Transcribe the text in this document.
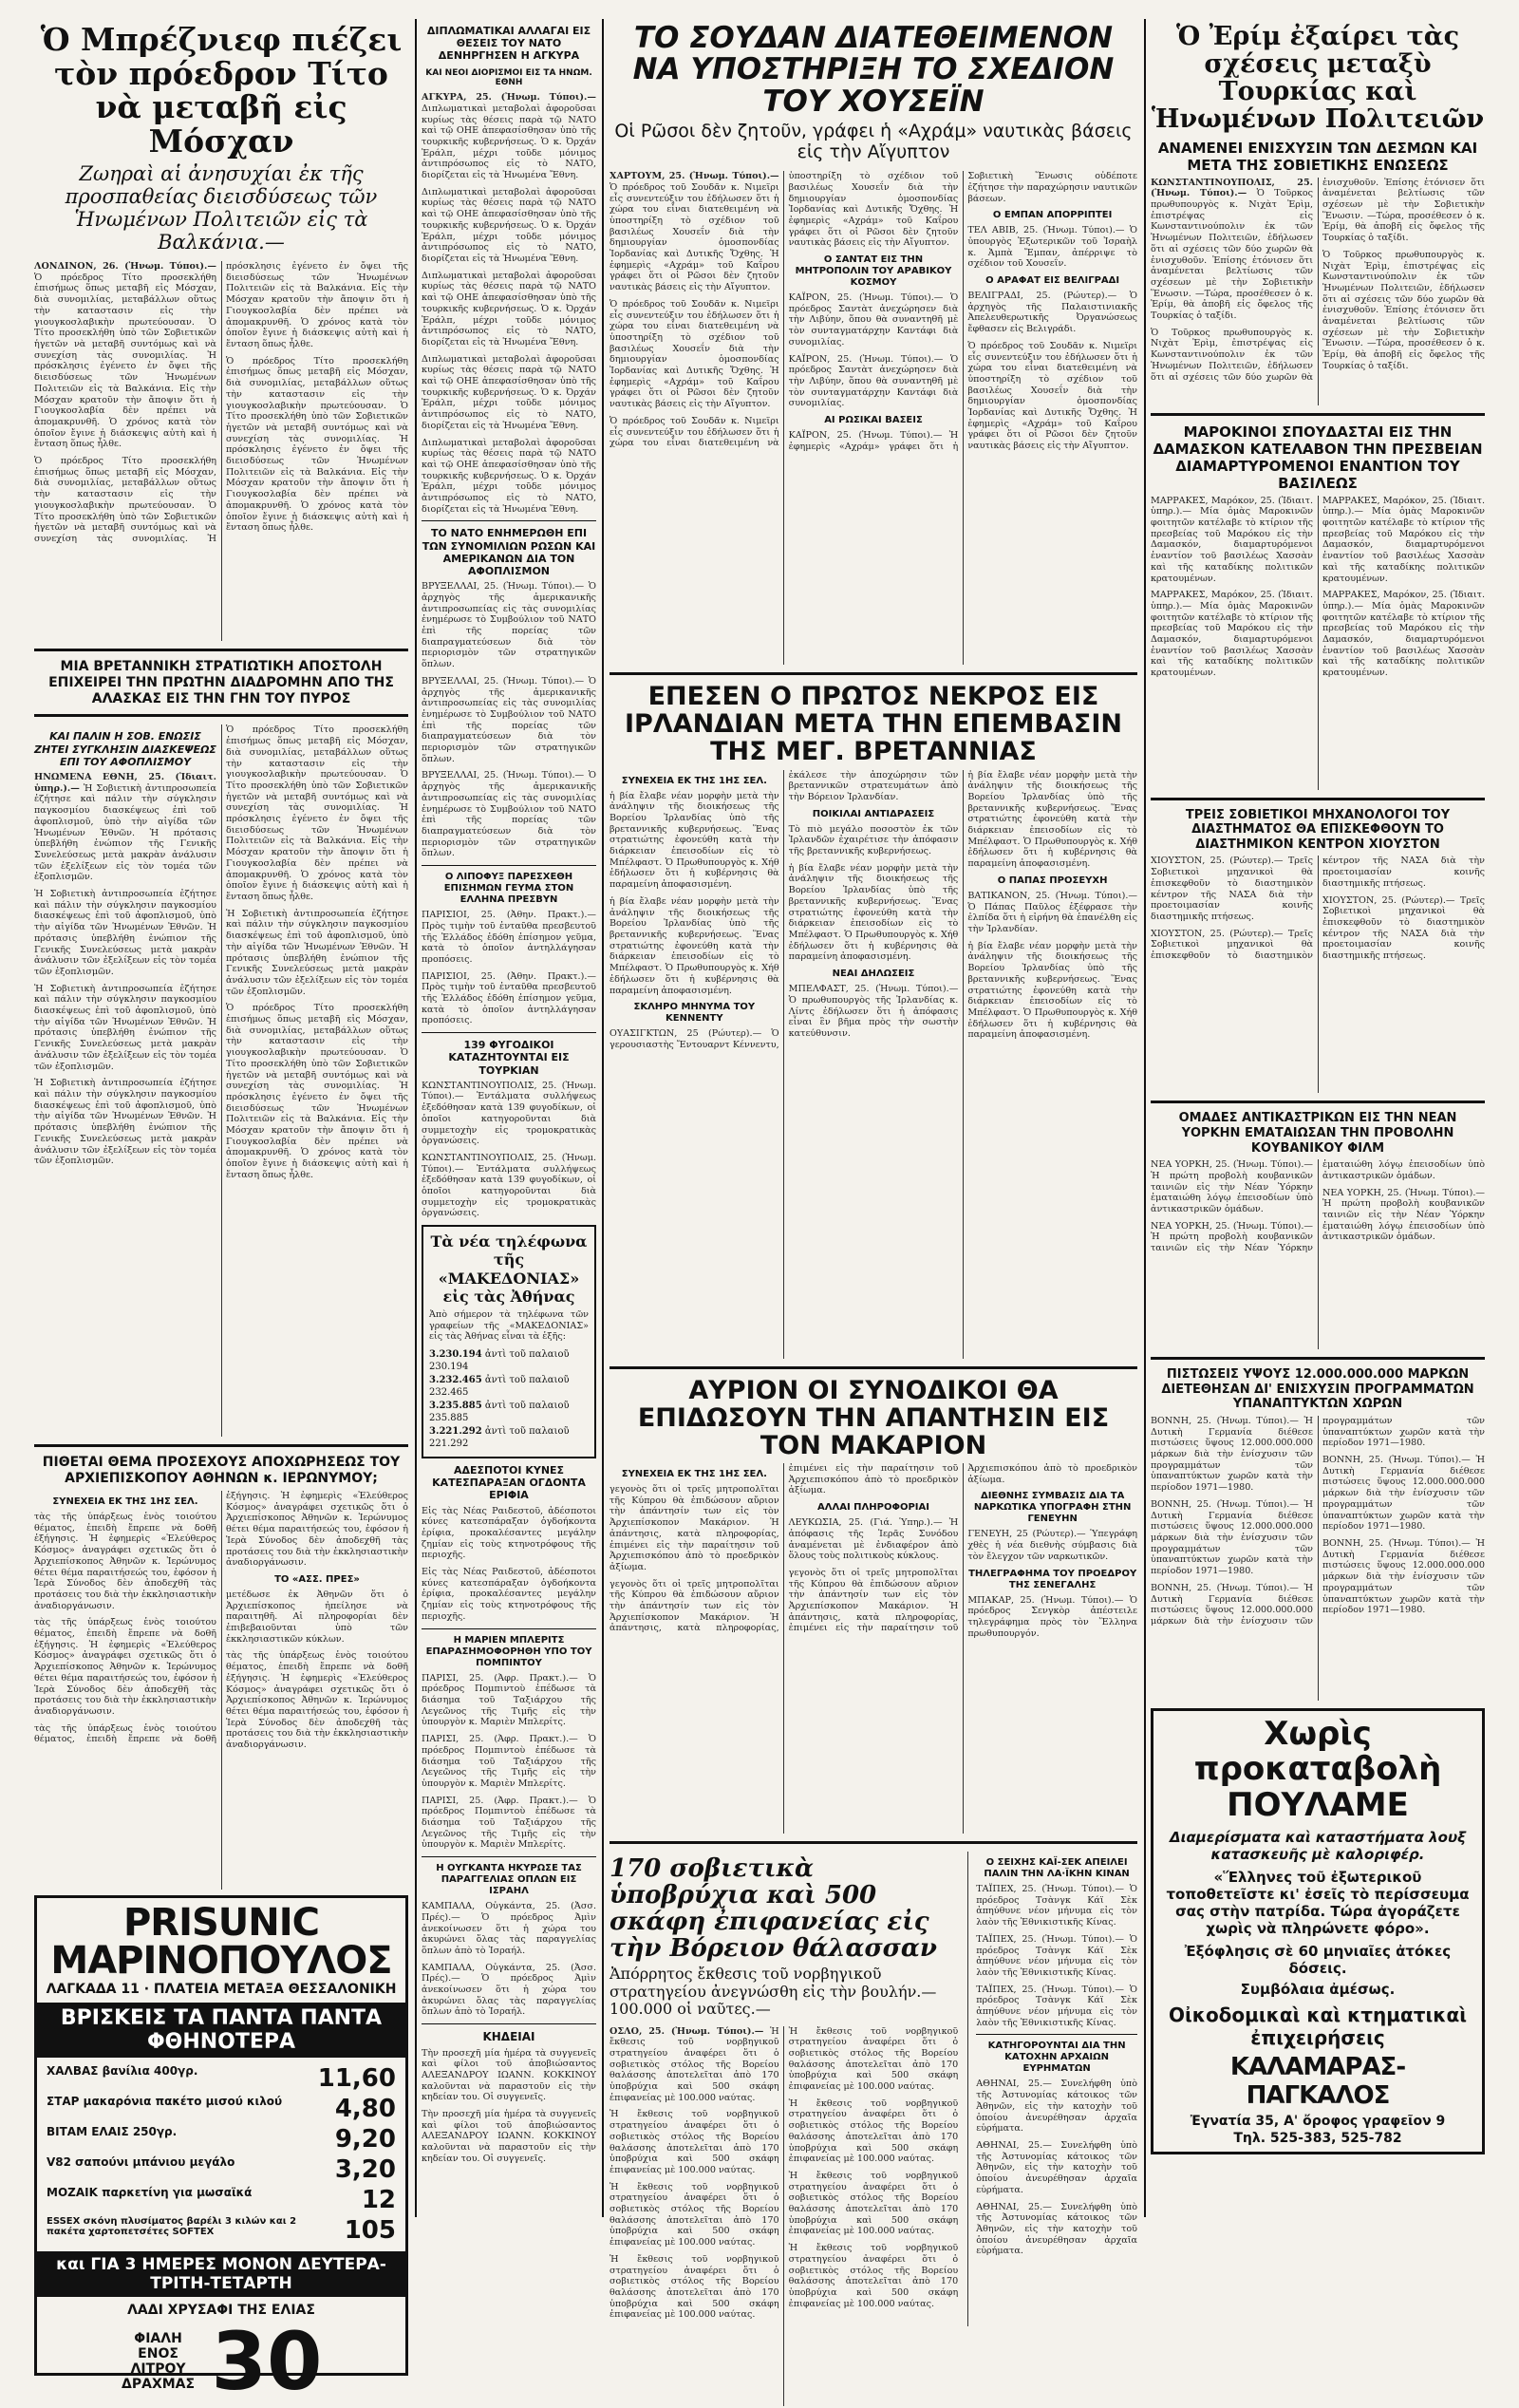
Ὁ Μπρέζνιεφ πιέζει τὸν πρόεδρον Τίτο νὰ μεταβῆ εἰς Μόσχαν
Ζωηραὶ αἱ ἀνησυχίαι ἐκ τῆς προσπαθείας διεισδύσεως τῶν Ἡνωμένων Πολιτειῶν εἰς τὰ Βαλκάνια.—

ΛΟΝΔΙΝΟΝ, 26. (Ἠνωμ. Τύποι).— Ὁ πρόεδρος Τίτο προσεκλήθη ἐπισήμως ὅπως μεταβῆ εἰς Μόσχαν, διὰ συνομιλίας, μεταβάλλων οὕτως τὴν καταστασιν εἰς τὴν γιουγκοσλαβικὴν πρωτεύουσαν. Ὁ Τίτο προσεκλήθη ὑπὸ τῶν Σοβιετικῶν ἡγετῶν νὰ μεταβῆ συντόμως καὶ νὰ συνεχίση τὰς συνομιλίας. Ἡ πρόσκλησις ἐγένετο ἐν ὄψει τῆς διεισδύσεως τῶν Ἡνωμένων Πολιτειῶν εἰς τὰ Βαλκάνια. Εἰς τὴν Μόσχαν κρατοῦν τὴν ἄποψιν ὅτι ἡ Γιουγκοσλαβία δὲν πρέπει νὰ ἀπομακρυνθῆ. Ὁ χρόνος κατὰ τὸν ὁποῖον ἔγινε ἡ διάσκεψις αὐτὴ καὶ ἡ ἔνταση ὅπως ἦλθε.

Ὁ πρόεδρος Τίτο προσεκλήθη ἐπισήμως ὅπως μεταβῆ εἰς Μόσχαν, διὰ συνομιλίας, μεταβάλλων οὕτως τὴν καταστασιν εἰς τὴν γιουγκοσλαβικὴν πρωτεύουσαν. Ὁ Τίτο προσεκλήθη ὑπὸ τῶν Σοβιετικῶν ἡγετῶν νὰ μεταβῆ συντόμως καὶ νὰ συνεχίση τὰς συνομιλίας. Ἡ πρόσκλησις ἐγένετο ἐν ὄψει τῆς διεισδύσεως τῶν Ἡνωμένων Πολιτειῶν εἰς τὰ Βαλκάνια. Εἰς τὴν Μόσχαν κρατοῦν τὴν ἄποψιν ὅτι ἡ Γιουγκοσλαβία δὲν πρέπει νὰ ἀπομακρυνθῆ. Ὁ χρόνος κατὰ τὸν ὁποῖον ἔγινε ἡ διάσκεψις αὐτὴ καὶ ἡ ἔνταση ὅπως ἦλθε.

Ὁ πρόεδρος Τίτο προσεκλήθη ἐπισήμως ὅπως μεταβῆ εἰς Μόσχαν, διὰ συνομιλίας, μεταβάλλων οὕτως τὴν καταστασιν εἰς τὴν γιουγκοσλαβικὴν πρωτεύουσαν. Ὁ Τίτο προσεκλήθη ὑπὸ τῶν Σοβιετικῶν ἡγετῶν νὰ μεταβῆ συντόμως καὶ νὰ συνεχίση τὰς συνομιλίας. Ἡ πρόσκλησις ἐγένετο ἐν ὄψει τῆς διεισδύσεως τῶν Ἡνωμένων Πολιτειῶν εἰς τὰ Βαλκάνια. Εἰς τὴν Μόσχαν κρατοῦν τὴν ἄποψιν ὅτι ἡ Γιουγκοσλαβία δὲν πρέπει νὰ ἀπομακρυνθῆ. Ὁ χρόνος κατὰ τὸν ὁποῖον ἔγινε ἡ διάσκεψις αὐτὴ καὶ ἡ ἔνταση ὅπως ἦλθε.

ΜΙΑ ΒΡΕΤΑΝΝΙΚΗ ΣΤΡΑΤΙΩΤΙΚΗ ΑΠΟΣΤΟΛΗ ΕΠΙΧΕΙΡΕΙ ΤΗΝ ΠΡΩΤΗΝ ΔΙΑΔΡΟΜΗΝ ΑΠΟ ΤΗΣ ΑΛΑΣΚΑΣ ΕΙΣ ΤΗΝ ΓΗΝ ΤΟΥ ΠΥΡΟΣ
ΚΑΙ ΠΑΛΙΝ Η ΣΟΒ. ΕΝΩΣΙΣ ΖΗΤΕΙ ΣΥΓΚΛΗΣΙΝ ΔΙΑΣΚΕΨΕΩΣ ΕΠΙ ΤΟΥ ΑΦΟΠΛΙΣΜΟΥ

ΗΝΩΜΕΝΑ ΕΘΝΗ, 25. (Ἰδιαιτ. ὑπηρ.).— Ἡ Σοβιετικὴ ἀντιπροσωπεία ἐζήτησε καὶ πάλιν τὴν σύγκλησιν παγκοσμίου διασκέψεως ἐπὶ τοῦ ἀφοπλισμοῦ, ὑπὸ τὴν αἰγίδα τῶν Ἡνωμένων Ἐθνῶν. Ἡ πρότασις ὑπεβλήθη ἐνώπιον τῆς Γενικῆς Συνελεύσεως μετὰ μακρὰν ἀνάλυσιν τῶν ἐξελίξεων εἰς τὸν τομέα τῶν ἐξοπλισμῶν.

Ἡ Σοβιετικὴ ἀντιπροσωπεία ἐζήτησε καὶ πάλιν τὴν σύγκλησιν παγκοσμίου διασκέψεως ἐπὶ τοῦ ἀφοπλισμοῦ, ὑπὸ τὴν αἰγίδα τῶν Ἡνωμένων Ἐθνῶν. Ἡ πρότασις ὑπεβλήθη ἐνώπιον τῆς Γενικῆς Συνελεύσεως μετὰ μακρὰν ἀνάλυσιν τῶν ἐξελίξεων εἰς τὸν τομέα τῶν ἐξοπλισμῶν.

Ἡ Σοβιετικὴ ἀντιπροσωπεία ἐζήτησε καὶ πάλιν τὴν σύγκλησιν παγκοσμίου διασκέψεως ἐπὶ τοῦ ἀφοπλισμοῦ, ὑπὸ τὴν αἰγίδα τῶν Ἡνωμένων Ἐθνῶν. Ἡ πρότασις ὑπεβλήθη ἐνώπιον τῆς Γενικῆς Συνελεύσεως μετὰ μακρὰν ἀνάλυσιν τῶν ἐξελίξεων εἰς τὸν τομέα τῶν ἐξοπλισμῶν.

Ἡ Σοβιετικὴ ἀντιπροσωπεία ἐζήτησε καὶ πάλιν τὴν σύγκλησιν παγκοσμίου διασκέψεως ἐπὶ τοῦ ἀφοπλισμοῦ, ὑπὸ τὴν αἰγίδα τῶν Ἡνωμένων Ἐθνῶν. Ἡ πρότασις ὑπεβλήθη ἐνώπιον τῆς Γενικῆς Συνελεύσεως μετὰ μακρὰν ἀνάλυσιν τῶν ἐξελίξεων εἰς τὸν τομέα τῶν ἐξοπλισμῶν.

Ὁ πρόεδρος Τίτο προσεκλήθη ἐπισήμως ὅπως μεταβῆ εἰς Μόσχαν, διὰ συνομιλίας, μεταβάλλων οὕτως τὴν καταστασιν εἰς τὴν γιουγκοσλαβικὴν πρωτεύουσαν. Ὁ Τίτο προσεκλήθη ὑπὸ τῶν Σοβιετικῶν ἡγετῶν νὰ μεταβῆ συντόμως καὶ νὰ συνεχίση τὰς συνομιλίας. Ἡ πρόσκλησις ἐγένετο ἐν ὄψει τῆς διεισδύσεως τῶν Ἡνωμένων Πολιτειῶν εἰς τὰ Βαλκάνια. Εἰς τὴν Μόσχαν κρατοῦν τὴν ἄποψιν ὅτι ἡ Γιουγκοσλαβία δὲν πρέπει νὰ ἀπομακρυνθῆ. Ὁ χρόνος κατὰ τὸν ὁποῖον ἔγινε ἡ διάσκεψις αὐτὴ καὶ ἡ ἔνταση ὅπως ἦλθε.

Ἡ Σοβιετικὴ ἀντιπροσωπεία ἐζήτησε καὶ πάλιν τὴν σύγκλησιν παγκοσμίου διασκέψεως ἐπὶ τοῦ ἀφοπλισμοῦ, ὑπὸ τὴν αἰγίδα τῶν Ἡνωμένων Ἐθνῶν. Ἡ πρότασις ὑπεβλήθη ἐνώπιον τῆς Γενικῆς Συνελεύσεως μετὰ μακρὰν ἀνάλυσιν τῶν ἐξελίξεων εἰς τὸν τομέα τῶν ἐξοπλισμῶν.

Ὁ πρόεδρος Τίτο προσεκλήθη ἐπισήμως ὅπως μεταβῆ εἰς Μόσχαν, διὰ συνομιλίας, μεταβάλλων οὕτως τὴν καταστασιν εἰς τὴν γιουγκοσλαβικὴν πρωτεύουσαν. Ὁ Τίτο προσεκλήθη ὑπὸ τῶν Σοβιετικῶν ἡγετῶν νὰ μεταβῆ συντόμως καὶ νὰ συνεχίση τὰς συνομιλίας. Ἡ πρόσκλησις ἐγένετο ἐν ὄψει τῆς διεισδύσεως τῶν Ἡνωμένων Πολιτειῶν εἰς τὰ Βαλκάνια. Εἰς τὴν Μόσχαν κρατοῦν τὴν ἄποψιν ὅτι ἡ Γιουγκοσλαβία δὲν πρέπει νὰ ἀπομακρυνθῆ. Ὁ χρόνος κατὰ τὸν ὁποῖον ἔγινε ἡ διάσκεψις αὐτὴ καὶ ἡ ἔνταση ὅπως ἦλθε.

ΠΙΘΕΤΑΙ ΘΕΜΑ ΠΡΟΣΕΧΟΥΣ ΑΠΟΧΩΡΗΣΕΩΣ ΤΟΥ ΑΡΧΙΕΠΙΣΚΟΠΟΥ ΑΘΗΝΩΝ κ. ΙΕΡΩΝΥΜΟΥ;
ΣΥΝΕΧΕΙΑ ΕΚ ΤΗΣ 1ΗΣ ΣΕΛ.

τὰς τῆς ὑπάρξεως ἑνὸς τοιούτου θέματος, ἐπειδὴ ἔπρεπε νὰ δοθῆ ἐξήγησις. Ἡ ἐφημερὶς «Ἐλεύθερος Κόσμος» ἀναγράφει σχετικῶς ὅτι ὁ Ἀρχιεπίσκοπος Ἀθηνῶν κ. Ἱερώνυμος θέτει θέμα παραιτήσεώς του, ἐφόσον ἡ Ἱερὰ Σύνοδος δὲν ἀποδεχθῆ τὰς προτάσεις του διὰ τὴν ἐκκλησιαστικὴν ἀναδιοργάνωσιν.

τὰς τῆς ὑπάρξεως ἑνὸς τοιούτου θέματος, ἐπειδὴ ἔπρεπε νὰ δοθῆ ἐξήγησις. Ἡ ἐφημερὶς «Ἐλεύθερος Κόσμος» ἀναγράφει σχετικῶς ὅτι ὁ Ἀρχιεπίσκοπος Ἀθηνῶν κ. Ἱερώνυμος θέτει θέμα παραιτήσεώς του, ἐφόσον ἡ Ἱερὰ Σύνοδος δὲν ἀποδεχθῆ τὰς προτάσεις του διὰ τὴν ἐκκλησιαστικὴν ἀναδιοργάνωσιν.

τὰς τῆς ὑπάρξεως ἑνὸς τοιούτου θέματος, ἐπειδὴ ἔπρεπε νὰ δοθῆ ἐξήγησις. Ἡ ἐφημερὶς «Ἐλεύθερος Κόσμος» ἀναγράφει σχετικῶς ὅτι ὁ Ἀρχιεπίσκοπος Ἀθηνῶν κ. Ἱερώνυμος θέτει θέμα παραιτήσεώς του, ἐφόσον ἡ Ἱερὰ Σύνοδος δὲν ἀποδεχθῆ τὰς προτάσεις του διὰ τὴν ἐκκλησιαστικὴν ἀναδιοργάνωσιν.

ΤΟ «ΑΣΣ. ΠΡΕΣ»

μετέδωσε ἐκ Ἀθηνῶν ὅτι ὁ Ἀρχιεπίσκοπος ἠπείλησε νὰ παραιτηθῆ. Αἱ πληροφορίαι δὲν ἐπιβεβαιοῦνται ὑπὸ τῶν ἐκκλησιαστικῶν κύκλων.

τὰς τῆς ὑπάρξεως ἑνὸς τοιούτου θέματος, ἐπειδὴ ἔπρεπε νὰ δοθῆ ἐξήγησις. Ἡ ἐφημερὶς «Ἐλεύθερος Κόσμος» ἀναγράφει σχετικῶς ὅτι ὁ Ἀρχιεπίσκοπος Ἀθηνῶν κ. Ἱερώνυμος θέτει θέμα παραιτήσεώς του, ἐφόσον ἡ Ἱερὰ Σύνοδος δὲν ἀποδεχθῆ τὰς προτάσεις του διὰ τὴν ἐκκλησιαστικὴν ἀναδιοργάνωσιν.

PRISUNIC MAPINOΠΟΥΛΟΣ
ΛΑΓΚΑΔΑ 11 · ΠΛΑΤΕΙΑ ΜΕΤΑΞΑ ΘΕΣΣΑΛΟΝΙΚΗ
ΒΡΙΣΚΕΙΣ ΤΑ ΠΑΝΤΑ ΠΑΝΤΑ ΦΘΗΝΟΤΕΡΑ
ΧΑΛΒΑΣ βανίλια 400γρ.	11,60
ΣΤΑΡ μακαρόνια πακέτο μισού κιλού 4,80
ΒΙΤΑΜ ΕΛΑΙΣ 250γρ.	9,20
V82 σαπούνι μπάνιου μεγάλο	3,20
ΜΟΖΑΙΚ παρκετίνη για μωσαϊκά	12
ESSEX σκόνη πλυσίματος βαρέλι 3 κιλών και 2 πακέτα χαρτοπετσέτες SOFTEX	105
και ΓΙΑ 3 ΗΜΕΡΕΣ ΜΟΝΟΝ ΔΕΥΤΕΡΑ-ΤΡΙΤΗ-ΤΕΤΑΡΤΗ
ΛΑΔΙ ΧΡΥΣΑΦΙ ΤΗΣ ΕΛΙΑΣ
ΦΙΑΛΗ ΕΝΟΣ ΛΙΤΡΟΥ ΔΡΑΧΜΑΣ 30
ΔΙΠΛΩΜΑΤΙΚΑΙ ΑΛΛΑΓΑΙ ΕΙΣ ΘΕΣΕΙΣ ΤΟΥ ΝΑΤΟ ΔΕΝΗΡΓΗΣΕΝ Η ΑΓΚΥΡΑ
ΚΑΙ ΝΕΟΙ ΔΙΟΡΙΣΜΟΙ ΕΙΣ ΤΑ ΗΝΩΜ. ΕΘΝΗ

ΑΓΚΥΡΑ, 25. (Ἠνωμ. Τύποι).— Διπλωματικαὶ μεταβολαὶ ἀφοροῦσαι κυρίως τὰς θέσεις παρὰ τῷ ΝΑΤΟ καὶ τῷ ΟΗΕ ἀπεφασίσθησαν ὑπὸ τῆς τουρκικῆς κυβερνήσεως. Ὁ κ. Ὀρχάν Ἐράλπ, μέχρι τοῦδε μόνιμος ἀντιπρόσωπος εἰς τὸ ΝΑΤΟ, διορίζεται εἰς τὰ Ἡνωμένα Ἔθνη.

Διπλωματικαὶ μεταβολαὶ ἀφοροῦσαι κυρίως τὰς θέσεις παρὰ τῷ ΝΑΤΟ καὶ τῷ ΟΗΕ ἀπεφασίσθησαν ὑπὸ τῆς τουρκικῆς κυβερνήσεως. Ὁ κ. Ὀρχάν Ἐράλπ, μέχρι τοῦδε μόνιμος ἀντιπρόσωπος εἰς τὸ ΝΑΤΟ, διορίζεται εἰς τὰ Ἡνωμένα Ἔθνη.

Διπλωματικαὶ μεταβολαὶ ἀφοροῦσαι κυρίως τὰς θέσεις παρὰ τῷ ΝΑΤΟ καὶ τῷ ΟΗΕ ἀπεφασίσθησαν ὑπὸ τῆς τουρκικῆς κυβερνήσεως. Ὁ κ. Ὀρχάν Ἐράλπ, μέχρι τοῦδε μόνιμος ἀντιπρόσωπος εἰς τὸ ΝΑΤΟ, διορίζεται εἰς τὰ Ἡνωμένα Ἔθνη.

Διπλωματικαὶ μεταβολαὶ ἀφοροῦσαι κυρίως τὰς θέσεις παρὰ τῷ ΝΑΤΟ καὶ τῷ ΟΗΕ ἀπεφασίσθησαν ὑπὸ τῆς τουρκικῆς κυβερνήσεως. Ὁ κ. Ὀρχάν Ἐράλπ, μέχρι τοῦδε μόνιμος ἀντιπρόσωπος εἰς τὸ ΝΑΤΟ, διορίζεται εἰς τὰ Ἡνωμένα Ἔθνη.

Διπλωματικαὶ μεταβολαὶ ἀφοροῦσαι κυρίως τὰς θέσεις παρὰ τῷ ΝΑΤΟ καὶ τῷ ΟΗΕ ἀπεφασίσθησαν ὑπὸ τῆς τουρκικῆς κυβερνήσεως. Ὁ κ. Ὀρχάν Ἐράλπ, μέχρι τοῦδε μόνιμος ἀντιπρόσωπος εἰς τὸ ΝΑΤΟ, διορίζεται εἰς τὰ Ἡνωμένα Ἔθνη.

ΤΟ ΝΑΤΟ ΕΝΗΜΕΡΩΘΗ ΕΠΙ ΤΩΝ ΣΥΝΟΜΙΛΙΩΝ ΡΩΣΩΝ ΚΑΙ ΑΜΕΡΙΚΑΝΩΝ ΔΙΑ ΤΟΝ ΑΦΟΠΛΙΣΜΟΝ

ΒΡΥΞΕΛΛΑΙ, 25. (Ἠνωμ. Τύποι).— Ὁ ἀρχηγὸς τῆς ἀμερικανικῆς ἀντιπροσωπείας εἰς τὰς συνομιλίας ἐνημέρωσε τὸ Συμβούλιον τοῦ ΝΑΤΟ ἐπὶ τῆς πορείας τῶν διαπραγματεύσεων διὰ τὸν περιορισμὸν τῶν στρατηγικῶν ὅπλων.

ΒΡΥΞΕΛΛΑΙ, 25. (Ἠνωμ. Τύποι).— Ὁ ἀρχηγὸς τῆς ἀμερικανικῆς ἀντιπροσωπείας εἰς τὰς συνομιλίας ἐνημέρωσε τὸ Συμβούλιον τοῦ ΝΑΤΟ ἐπὶ τῆς πορείας τῶν διαπραγματεύσεων διὰ τὸν περιορισμὸν τῶν στρατηγικῶν ὅπλων.

ΒΡΥΞΕΛΛΑΙ, 25. (Ἠνωμ. Τύποι).— Ὁ ἀρχηγὸς τῆς ἀμερικανικῆς ἀντιπροσωπείας εἰς τὰς συνομιλίας ἐνημέρωσε τὸ Συμβούλιον τοῦ ΝΑΤΟ ἐπὶ τῆς πορείας τῶν διαπραγματεύσεων διὰ τὸν περιορισμὸν τῶν στρατηγικῶν ὅπλων.

Ο ΛΙΠΟΦΥΞ ΠΑΡΕΣΧΕΘΗ ΕΠΙΣΗΜΩΝ ΓΕΥΜΑ ΣΤΟΝ ΕΛΛΗΝΑ ΠΡΕΣΒΥΝ

ΠΑΡΙΣΙΟΙ, 25. (Ἀθην. Πρακτ.).— Πρὸς τιμὴν τοῦ ἐνταῦθα πρεσβευτοῦ τῆς Ἑλλάδος ἐδόθη ἐπίσημον γεῦμα, κατὰ τὸ ὁποῖον ἀντηλλάγησαν προπόσεις.

ΠΑΡΙΣΙΟΙ, 25. (Ἀθην. Πρακτ.).— Πρὸς τιμὴν τοῦ ἐνταῦθα πρεσβευτοῦ τῆς Ἑλλάδος ἐδόθη ἐπίσημον γεῦμα, κατὰ τὸ ὁποῖον ἀντηλλάγησαν προπόσεις.

139 ΦΥΓΟΔΙΚΟΙ ΚΑΤΑΖΗΤΟΥΝΤΑΙ ΕΙΣ ΤΟΥΡΚΙΑΝ

ΚΩΝΣΤΑΝΤΙΝΟΥΠΟΛΙΣ, 25. (Ἠνωμ. Τύποι).— Ἐντάλματα συλλήψεως ἐξεδόθησαν κατὰ 139 φυγοδίκων, οἱ ὁποῖοι κατηγοροῦνται διὰ συμμετοχὴν εἰς τρομοκρατικὰς ὀργανώσεις.

ΚΩΝΣΤΑΝΤΙΝΟΥΠΟΛΙΣ, 25. (Ἠνωμ. Τύποι).— Ἐντάλματα συλλήψεως ἐξεδόθησαν κατὰ 139 φυγοδίκων, οἱ ὁποῖοι κατηγοροῦνται διὰ συμμετοχὴν εἰς τρομοκρατικὰς ὀργανώσεις.

Τὰ νέα τηλέφωνα τῆς «ΜΑΚΕΔΟΝΙΑΣ» εἰς τὰς Ἀθήνας

Ἀπὸ σήμερον τὰ τηλέφωνα τῶν γραφείων τῆς «ΜΑΚΕΔΟΝΙΑΣ» εἰς τὰς Ἀθήνας εἶναι τὰ ἑξῆς:

3.230.194 ἀντὶ τοῦ παλαιοῦ 230.194
3.232.465 ἀντὶ τοῦ παλαιοῦ 232.465
3.235.885 ἀντὶ τοῦ παλαιοῦ 235.885
3.221.292 ἀντὶ τοῦ παλαιοῦ 221.292
ΑΔΕΣΠΟΤΟΙ ΚΥΝΕΣ ΚΑΤΕΣΠΑΡΑΞΑΝ ΟΓΔΟΝΤΑ ΕΡΙΦΙΑ

Εἰς τὰς Νέας Ραιδεστοῦ, ἀδέσποτοι κύνες κατεσπάραξαν ὀγδοήκοντα ἐρίφια, προκαλέσαντες μεγάλην ζημίαν εἰς τοὺς κτηνοτρόφους τῆς περιοχῆς.

Εἰς τὰς Νέας Ραιδεστοῦ, ἀδέσποτοι κύνες κατεσπάραξαν ὀγδοήκοντα ἐρίφια, προκαλέσαντες μεγάλην ζημίαν εἰς τοὺς κτηνοτρόφους τῆς περιοχῆς.

Η ΜΑΡΙΕΝ ΜΠΛΕΡΙΤΣ ΕΠΑΡΑΣΗΜΟΦΟΡΗΘΗ ΥΠΟ ΤΟΥ ΠΟΜΠΙΝΤΟΥ

ΠΑΡΙΣΙ, 25. (Ἀφρ. Πρακτ.).— Ὁ πρόεδρος Πομπιντοὺ ἐπέδωσε τὰ διάσημα τοῦ Ταξιάρχου τῆς Λεγεῶνος τῆς Τιμῆς εἰς τὴν ὑπουργὸν κ. Μαριὲν Μπλερίτς.

ΠΑΡΙΣΙ, 25. (Ἀφρ. Πρακτ.).— Ὁ πρόεδρος Πομπιντοὺ ἐπέδωσε τὰ διάσημα τοῦ Ταξιάρχου τῆς Λεγεῶνος τῆς Τιμῆς εἰς τὴν ὑπουργὸν κ. Μαριὲν Μπλερίτς.

ΠΑΡΙΣΙ, 25. (Ἀφρ. Πρακτ.).— Ὁ πρόεδρος Πομπιντοὺ ἐπέδωσε τὰ διάσημα τοῦ Ταξιάρχου τῆς Λεγεῶνος τῆς Τιμῆς εἰς τὴν ὑπουργὸν κ. Μαριὲν Μπλερίτς.

Η ΟΥΓΚΑΝΤΑ ΗΚΥΡΩΣΕ ΤΑΣ ΠΑΡΑΓΓΕΛΙΑΣ ΟΠΛΩΝ ΕΙΣ ΙΣΡΑΗΛ

ΚΑΜΠΑΛΑ, Οὐγκάντα, 25. (Ἀσσ. Πρές).— Ὁ πρόεδρος Ἀμὶν ἀνεκοίνωσεν ὅτι ἡ χώρα του ἀκυρώνει ὅλας τὰς παραγγελίας ὅπλων ἀπὸ τὸ Ἰσραήλ.

ΚΑΜΠΑΛΑ, Οὐγκάντα, 25. (Ἀσσ. Πρές).— Ὁ πρόεδρος Ἀμὶν ἀνεκοίνωσεν ὅτι ἡ χώρα του ἀκυρώνει ὅλας τὰς παραγγελίας ὅπλων ἀπὸ τὸ Ἰσραήλ.

ΚΗΔΕΙΑΙ

Τὴν προσεχῆ μία ἡμέρα τὰ συγγενεῖς καὶ φίλοι τοῦ ἀποβιώσαντος ΑΛΕΞΑΝΔΡΟΥ ΙΩΑΝΝ. ΚΟΚΚΙΝΟΥ καλοῦνται νὰ παραστοῦν εἰς τὴν κηδείαν του. Οἱ συγγενεῖς.

Τὴν προσεχῆ μία ἡμέρα τὰ συγγενεῖς καὶ φίλοι τοῦ ἀποβιώσαντος ΑΛΕΞΑΝΔΡΟΥ ΙΩΑΝΝ. ΚΟΚΚΙΝΟΥ καλοῦνται νὰ παραστοῦν εἰς τὴν κηδείαν του. Οἱ συγγενεῖς.

ΤΟ ΣΟΥΔΑΝ ΔΙΑΤΕΘΕΙΜΕΝΟΝ ΝΑ ΥΠΟΣΤΗΡΙΞΗ ΤΟ ΣΧΕΔΙΟΝ ΤΟΥ ΧΟΥΣΕΪΝ
Οἱ Ρῶσοι δὲν ζητοῦν, γράφει ἡ «Αχράμ» ναυτικὰς βάσεις εἰς τὴν Αἴγυπτον

ΧΑΡΤΟΥΜ, 25. (Ἠνωμ. Τύποι).— Ὁ πρόεδρος τοῦ Σουδᾶν κ. Νιμεϊρι εἶς συνεντεύξιν του ἐδήλωσεν ὅτι ἡ χώρα του εἶναι διατεθειμένη νὰ ὑποστηρίξη τὸ σχέδιον τοῦ βασιλέως Χουσεΐν διὰ τὴν δημιουργίαν ὁμοσπονδίας Ἰορδανίας καὶ Δυτικῆς Ὄχθης. Ἡ ἐφημερὶς «Αχράμ» τοῦ Καΐρου γράφει ὅτι οἱ Ρῶσοι δὲν ζητοῦν ναυτικὰς βάσεις εἰς τὴν Αἴγυπτον.

Ὁ πρόεδρος τοῦ Σουδᾶν κ. Νιμεϊρι εἶς συνεντεύξιν του ἐδήλωσεν ὅτι ἡ χώρα του εἶναι διατεθειμένη νὰ ὑποστηρίξη τὸ σχέδιον τοῦ βασιλέως Χουσεΐν διὰ τὴν δημιουργίαν ὁμοσπονδίας Ἰορδανίας καὶ Δυτικῆς Ὄχθης. Ἡ ἐφημερὶς «Αχράμ» τοῦ Καΐρου γράφει ὅτι οἱ Ρῶσοι δὲν ζητοῦν ναυτικὰς βάσεις εἰς τὴν Αἴγυπτον.

Ὁ πρόεδρος τοῦ Σουδᾶν κ. Νιμεϊρι εἶς συνεντεύξιν του ἐδήλωσεν ὅτι ἡ χώρα του εἶναι διατεθειμένη νὰ ὑποστηρίξη τὸ σχέδιον τοῦ βασιλέως Χουσεΐν διὰ τὴν δημιουργίαν ὁμοσπονδίας Ἰορδανίας καὶ Δυτικῆς Ὄχθης. Ἡ ἐφημερὶς «Αχράμ» τοῦ Καΐρου γράφει ὅτι οἱ Ρῶσοι δὲν ζητοῦν ναυτικὰς βάσεις εἰς τὴν Αἴγυπτον.

Ο ΣΑΝΤΑΤ ΕΙΣ ΤΗΝ ΜΗΤΡΟΠΟΛΙΝ ΤΟΥ ΑΡΑΒΙΚΟΥ ΚΟΣΜΟΥ

ΚΑΪΡΟΝ, 25. (Ἠνωμ. Τύποι).— Ὁ πρόεδρος Σαντὰτ ἀνεχώρησεν διὰ τὴν Λιβύην, ὅπου θὰ συναντηθῆ μὲ τὸν συνταγματάρχην Καντάφι διὰ συνομιλίας.

ΚΑΪΡΟΝ, 25. (Ἠνωμ. Τύποι).— Ὁ πρόεδρος Σαντὰτ ἀνεχώρησεν διὰ τὴν Λιβύην, ὅπου θὰ συναντηθῆ μὲ τὸν συνταγματάρχην Καντάφι διὰ συνομιλίας.

ΑΙ ΡΩΣΙΚΑΙ ΒΑΣΕΙΣ

ΚΑΪΡΟΝ, 25. (Ἠνωμ. Τύποι).— Ἡ ἐφημερὶς «Αχράμ» γράφει ὅτι ἡ Σοβιετικὴ Ἕνωσις οὐδέποτε ἐζήτησε τὴν παραχώρησιν ναυτικῶν βάσεων.

Ο ΕΜΠΑΝ ΑΠΟΡΡΙΠΤΕΙ

ΤΕΛ ΑΒΙΒ, 25. (Ἠνωμ. Τύποι).— Ὁ ὑπουργὸς Ἐξωτερικῶν τοῦ Ἰσραὴλ κ. Ἀμπὰ Ἔμπαν, ἀπέρριψε τὸ σχέδιον τοῦ Χουσεΐν.

Ο ΑΡΑΦΑΤ ΕΙΣ ΒΕΛΙΓΡΑΔΙ

ΒΕΛΙΓΡΑΔΙ, 25. (Ρώυτερ).— Ὁ ἀρχηγὸς τῆς Παλαιστινιακῆς Ἀπελευθερωτικῆς Ὀργανώσεως ἔφθασεν εἰς Βελιγράδι.

Ὁ πρόεδρος τοῦ Σουδᾶν κ. Νιμεϊρι εἶς συνεντεύξιν του ἐδήλωσεν ὅτι ἡ χώρα του εἶναι διατεθειμένη νὰ ὑποστηρίξη τὸ σχέδιον τοῦ βασιλέως Χουσεΐν διὰ τὴν δημιουργίαν ὁμοσπονδίας Ἰορδανίας καὶ Δυτικῆς Ὄχθης. Ἡ ἐφημερὶς «Αχράμ» τοῦ Καΐρου γράφει ὅτι οἱ Ρῶσοι δὲν ζητοῦν ναυτικὰς βάσεις εἰς τὴν Αἴγυπτον.

ΕΠΕΣΕΝ Ο ΠΡΩΤΟΣ ΝΕΚΡΟΣ ΕΙΣ ΙΡΛΑΝΔΙΑΝ ΜΕΤΑ ΤΗΝ ΕΠΕΜΒΑΣΙΝ ΤΗΣ ΜΕΓ. ΒΡΕΤΑΝΝΙΑΣ
ΣΥΝΕΧΕΙΑ ΕΚ ΤΗΣ 1ΗΣ ΣΕΛ.

ἡ βία ἔλαβε νέαν μορφὴν μετὰ τὴν ἀνάληψιν τῆς διοικήσεως τῆς Βορείου Ἰρλανδίας ὑπὸ τῆς βρεταννικῆς κυβερνήσεως. Ἕνας στρατιώτης ἐφονεύθη κατὰ τὴν διάρκειαν ἐπεισοδίων εἰς τὸ Μπέλφαστ. Ὁ Πρωθυπουργὸς κ. Χήθ ἐδήλωσεν ὅτι ἡ κυβέρνησις θὰ παραμείνη ἀποφασισμένη.

ἡ βία ἔλαβε νέαν μορφὴν μετὰ τὴν ἀνάληψιν τῆς διοικήσεως τῆς Βορείου Ἰρλανδίας ὑπὸ τῆς βρεταννικῆς κυβερνήσεως. Ἕνας στρατιώτης ἐφονεύθη κατὰ τὴν διάρκειαν ἐπεισοδίων εἰς τὸ Μπέλφαστ. Ὁ Πρωθυπουργὸς κ. Χήθ ἐδήλωσεν ὅτι ἡ κυβέρνησις θὰ παραμείνη ἀποφασισμένη.

ΣΚΛΗΡΟ ΜΗΝΥΜΑ ΤΟΥ ΚΕΝΝΕΝΤΥ

ΟΥΑΣΙΓΚΤΩΝ, 25 (Ρώυτερ).— Ὁ γερουσιαστὴς Ἔντουαρντ Κέννεντυ, ἐκάλεσε τὴν ἀποχώρησιν τῶν βρεταννικῶν στρατευμάτων ἀπὸ τὴν Βόρειον Ἰρλανδίαν.

ΠΟΙΚΙΛΑΙ ΑΝΤΙΔΡΑΣΕΙΣ

Τὸ πιὸ μεγάλο ποσοστὸν ἐκ τῶν Ἰρλανδῶν ἐχαιρέτισε τὴν ἀπόφασιν τῆς βρεταννικῆς κυβερνήσεως.

ἡ βία ἔλαβε νέαν μορφὴν μετὰ τὴν ἀνάληψιν τῆς διοικήσεως τῆς Βορείου Ἰρλανδίας ὑπὸ τῆς βρεταννικῆς κυβερνήσεως. Ἕνας στρατιώτης ἐφονεύθη κατὰ τὴν διάρκειαν ἐπεισοδίων εἰς τὸ Μπέλφαστ. Ὁ Πρωθυπουργὸς κ. Χήθ ἐδήλωσεν ὅτι ἡ κυβέρνησις θὰ παραμείνη ἀποφασισμένη.

ΝΕΑΙ ΔΗΛΩΣΕΙΣ

ΜΠΕΛΦΑΣΤ, 25. (Ἠνωμ. Τύποι).— Ὁ πρωθυπουργὸς τῆς Ἰρλανδίας κ. Λίντς ἐδήλωσεν ὅτι ἡ ἀπόφασις εἶναι ἓν βῆμα πρὸς τὴν σωστὴν κατεύθυνσιν.

ἡ βία ἔλαβε νέαν μορφὴν μετὰ τὴν ἀνάληψιν τῆς διοικήσεως τῆς Βορείου Ἰρλανδίας ὑπὸ τῆς βρεταννικῆς κυβερνήσεως. Ἕνας στρατιώτης ἐφονεύθη κατὰ τὴν διάρκειαν ἐπεισοδίων εἰς τὸ Μπέλφαστ. Ὁ Πρωθυπουργὸς κ. Χήθ ἐδήλωσεν ὅτι ἡ κυβέρνησις θὰ παραμείνη ἀποφασισμένη.

Ο ΠΑΠΑΣ ΠΡΟΣΕΥΧΗ

ΒΑΤΙΚΑΝΟΝ, 25. (Ἠνωμ. Τύποι).— Ὁ Πάπας Παῦλος ἐξέφρασε τὴν ἐλπίδα ὅτι ἡ εἰρήνη θὰ ἐπανέλθη εἰς τὴν Ἰρλανδίαν.

ἡ βία ἔλαβε νέαν μορφὴν μετὰ τὴν ἀνάληψιν τῆς διοικήσεως τῆς Βορείου Ἰρλανδίας ὑπὸ τῆς βρεταννικῆς κυβερνήσεως. Ἕνας στρατιώτης ἐφονεύθη κατὰ τὴν διάρκειαν ἐπεισοδίων εἰς τὸ Μπέλφαστ. Ὁ Πρωθυπουργὸς κ. Χήθ ἐδήλωσεν ὅτι ἡ κυβέρνησις θὰ παραμείνη ἀποφασισμένη.

ΑΥΡΙΟΝ ΟΙ ΣΥΝΟΔΙΚΟΙ ΘΑ ΕΠΙΔΩΣΟΥΝ ΤΗΝ ΑΠΑΝΤΗΣΙΝ ΕΙΣ ΤΟΝ ΜΑΚΑΡΙΟΝ
ΣΥΝΕΧΕΙΑ ΕΚ ΤΗΣ 1ΗΣ ΣΕΛ.

γεγονὸς ὅτι οἱ τρεῖς μητροπολῖται τῆς Κύπρου θὰ ἐπιδώσουν αὔριον τὴν ἀπάντησίν των εἰς τὸν Ἀρχιεπίσκοπον Μακάριον. Ἡ ἀπάντησις, κατὰ πληροφορίας, ἐπιμένει εἰς τὴν παραίτησιν τοῦ Ἀρχιεπισκόπου ἀπὸ τὸ προεδρικὸν ἀξίωμα.

γεγονὸς ὅτι οἱ τρεῖς μητροπολῖται τῆς Κύπρου θὰ ἐπιδώσουν αὔριον τὴν ἀπάντησίν των εἰς τὸν Ἀρχιεπίσκοπον Μακάριον. Ἡ ἀπάντησις, κατὰ πληροφορίας, ἐπιμένει εἰς τὴν παραίτησιν τοῦ Ἀρχιεπισκόπου ἀπὸ τὸ προεδρικὸν ἀξίωμα.

ΑΛΛΑΙ ΠΛΗΡΟΦΟΡΙΑΙ

ΛΕΥΚΩΣΙΑ, 25. (Γιά. Ὑπηρ.).— Ἡ ἀπόφασις τῆς Ἱερᾶς Συνόδου ἀναμένεται μὲ ἐνδιαφέρον ἀπὸ ὅλους τοὺς πολιτικοὺς κύκλους.

γεγονὸς ὅτι οἱ τρεῖς μητροπολῖται τῆς Κύπρου θὰ ἐπιδώσουν αὔριον τὴν ἀπάντησίν των εἰς τὸν Ἀρχιεπίσκοπον Μακάριον. Ἡ ἀπάντησις, κατὰ πληροφορίας, ἐπιμένει εἰς τὴν παραίτησιν τοῦ Ἀρχιεπισκόπου ἀπὸ τὸ προεδρικὸν ἀξίωμα.

ΔΙΕΘΝΗΣ ΣΥΜΒΑΣΙΣ ΔΙΑ ΤΑ ΝΑΡΚΩΤΙΚΑ ΥΠΟΓΡΑΦΗ ΣΤΗΝ ΓΕΝΕΥΗΝ

ΓΕΝΕΥΗ, 25 (Ρώυτερ).— Ὑπεγράφη χθὲς ἡ νέα διεθνὴς σύμβασις διὰ τὸν ἔλεγχον τῶν ναρκωτικῶν.

ΤΗΛΕΓΡΑΦΗΜΑ ΤΟΥ ΠΡΟΕΔΡΟΥ ΤΗΣ ΣΕΝΕΓΑΛΗΣ

ΜΠΑΚΑΡ, 25. (Ἠνωμ. Τύποι).— Ὁ πρόεδρος Σενγκὸρ ἀπέστειλε τηλεγράφημα πρὸς τὸν Ἕλληνα πρωθυπουργόν.

170 σοβιετικὰ ὑποβρύχια καὶ 500 σκάφη ἐπιφανείας εἰς τὴν Βόρειον θάλασσαν
Ἀπόρρητος ἔκθεσις τοῦ νορβηγικοῦ στρατηγείου ἀνεγνώσθη εἰς τὴν βουλήν.— 100.000 οἱ ναῦτες.—

ΟΣΛΟ, 25. (Ἠνωμ. Τύποι).— Ἡ ἔκθεσις τοῦ νορβηγικοῦ στρατηγείου ἀναφέρει ὅτι ὁ σοβιετικὸς στόλος τῆς Βορείου θαλάσσης ἀποτελεῖται ἀπὸ 170 ὑποβρύχια καὶ 500 σκάφη ἐπιφανείας μὲ 100.000 ναύτας.

Ἡ ἔκθεσις τοῦ νορβηγικοῦ στρατηγείου ἀναφέρει ὅτι ὁ σοβιετικὸς στόλος τῆς Βορείου θαλάσσης ἀποτελεῖται ἀπὸ 170 ὑποβρύχια καὶ 500 σκάφη ἐπιφανείας μὲ 100.000 ναύτας.

Ἡ ἔκθεσις τοῦ νορβηγικοῦ στρατηγείου ἀναφέρει ὅτι ὁ σοβιετικὸς στόλος τῆς Βορείου θαλάσσης ἀποτελεῖται ἀπὸ 170 ὑποβρύχια καὶ 500 σκάφη ἐπιφανείας μὲ 100.000 ναύτας.

Ἡ ἔκθεσις τοῦ νορβηγικοῦ στρατηγείου ἀναφέρει ὅτι ὁ σοβιετικὸς στόλος τῆς Βορείου θαλάσσης ἀποτελεῖται ἀπὸ 170 ὑποβρύχια καὶ 500 σκάφη ἐπιφανείας μὲ 100.000 ναύτας.

Ἡ ἔκθεσις τοῦ νορβηγικοῦ στρατηγείου ἀναφέρει ὅτι ὁ σοβιετικὸς στόλος τῆς Βορείου θαλάσσης ἀποτελεῖται ἀπὸ 170 ὑποβρύχια καὶ 500 σκάφη ἐπιφανείας μὲ 100.000 ναύτας.

Ἡ ἔκθεσις τοῦ νορβηγικοῦ στρατηγείου ἀναφέρει ὅτι ὁ σοβιετικὸς στόλος τῆς Βορείου θαλάσσης ἀποτελεῖται ἀπὸ 170 ὑποβρύχια καὶ 500 σκάφη ἐπιφανείας μὲ 100.000 ναύτας.

Ἡ ἔκθεσις τοῦ νορβηγικοῦ στρατηγείου ἀναφέρει ὅτι ὁ σοβιετικὸς στόλος τῆς Βορείου θαλάσσης ἀποτελεῖται ἀπὸ 170 ὑποβρύχια καὶ 500 σκάφη ἐπιφανείας μὲ 100.000 ναύτας.

Ἡ ἔκθεσις τοῦ νορβηγικοῦ στρατηγείου ἀναφέρει ὅτι ὁ σοβιετικὸς στόλος τῆς Βορείου θαλάσσης ἀποτελεῖται ἀπὸ 170 ὑποβρύχια καὶ 500 σκάφη ἐπιφανείας μὲ 100.000 ναύτας.

Ο ΣΕΙΧΗΣ ΚΑΪ-ΣΕΚ ΑΠΕΙΛΕΙ ΠΑΛΙΝ ΤΗΝ ΛΑ·ΪΚΗΝ ΚΙΝΑΝ

ΤΑΪΠΕΧ, 25. (Ἠνωμ. Τύποι).— Ὁ πρόεδρος Τσὰνγκ Κάϊ Σὲκ ἀπηύθυνε νέον μήνυμα εἰς τὸν λαὸν τῆς Ἐθνικιστικῆς Κίνας.

ΤΑΪΠΕΧ, 25. (Ἠνωμ. Τύποι).— Ὁ πρόεδρος Τσὰνγκ Κάϊ Σὲκ ἀπηύθυνε νέον μήνυμα εἰς τὸν λαὸν τῆς Ἐθνικιστικῆς Κίνας.

ΤΑΪΠΕΧ, 25. (Ἠνωμ. Τύποι).— Ὁ πρόεδρος Τσὰνγκ Κάϊ Σὲκ ἀπηύθυνε νέον μήνυμα εἰς τὸν λαὸν τῆς Ἐθνικιστικῆς Κίνας.

ΚΑΤΗΓΟΡΟΥΝΤΑΙ ΔΙΑ ΤΗΝ ΚΑΤΟΧΗΝ ΑΡΧΑΙΩΝ ΕΥΡΗΜΑΤΩΝ

ΑΘΗΝΑΙ, 25.— Συνελήφθη ὑπὸ τῆς Ἀστυνομίας κάτοικος τῶν Ἀθηνῶν, εἰς τὴν κατοχὴν τοῦ ὁποίου ἀνευρέθησαν ἀρχαῖα εὑρήματα.

ΑΘΗΝΑΙ, 25.— Συνελήφθη ὑπὸ τῆς Ἀστυνομίας κάτοικος τῶν Ἀθηνῶν, εἰς τὴν κατοχὴν τοῦ ὁποίου ἀνευρέθησαν ἀρχαῖα εὑρήματα.

ΑΘΗΝΑΙ, 25.— Συνελήφθη ὑπὸ τῆς Ἀστυνομίας κάτοικος τῶν Ἀθηνῶν, εἰς τὴν κατοχὴν τοῦ ὁποίου ἀνευρέθησαν ἀρχαῖα εὑρήματα.

Ὁ Ἐρίμ ἐξαίρει τὰς σχέσεις μεταξὺ Τουρκίας καὶ Ἡνωμένων Πολιτειῶν
ΑΝΑΜΕΝΕΙ ΕΝΙΣΧΥΣΙΝ ΤΩΝ ΔΕΣΜΩΝ ΚΑΙ ΜΕΤΑ ΤΗΣ ΣΟΒΙΕΤΙΚΗΣ ΕΝΩΣΕΩΣ

ΚΩΝΣΤΑΝΤΙΝΟΥΠΟΛΙΣ, 25. (Ἠνωμ. Τύποι).— Ὁ Τοῦρκος πρωθυπουργὸς κ. Νιχὰτ Ἐρὶμ, ἐπιστρέψας εἰς Κωνσταντινούπολιν ἐκ τῶν Ἡνωμένων Πολιτειῶν, ἐδήλωσεν ὅτι αἱ σχέσεις τῶν δύο χωρῶν θὰ ἐνισχυθοῦν. Ἐπίσης ἐτόνισεν ὅτι ἀναμένεται βελτίωσις τῶν σχέσεων μὲ τὴν Σοβιετικὴν Ἕνωσιν. —Τώρα, προσέθεσεν ὁ κ. Ἐρίμ, θὰ ἀποβῆ εἰς ὄφελος τῆς Τουρκίας ὁ ταξίδι.

Ὁ Τοῦρκος πρωθυπουργὸς κ. Νιχὰτ Ἐρὶμ, ἐπιστρέψας εἰς Κωνσταντινούπολιν ἐκ τῶν Ἡνωμένων Πολιτειῶν, ἐδήλωσεν ὅτι αἱ σχέσεις τῶν δύο χωρῶν θὰ ἐνισχυθοῦν. Ἐπίσης ἐτόνισεν ὅτι ἀναμένεται βελτίωσις τῶν σχέσεων μὲ τὴν Σοβιετικὴν Ἕνωσιν. —Τώρα, προσέθεσεν ὁ κ. Ἐρίμ, θὰ ἀποβῆ εἰς ὄφελος τῆς Τουρκίας ὁ ταξίδι.

Ὁ Τοῦρκος πρωθυπουργὸς κ. Νιχὰτ Ἐρὶμ, ἐπιστρέψας εἰς Κωνσταντινούπολιν ἐκ τῶν Ἡνωμένων Πολιτειῶν, ἐδήλωσεν ὅτι αἱ σχέσεις τῶν δύο χωρῶν θὰ ἐνισχυθοῦν. Ἐπίσης ἐτόνισεν ὅτι ἀναμένεται βελτίωσις τῶν σχέσεων μὲ τὴν Σοβιετικὴν Ἕνωσιν. —Τώρα, προσέθεσεν ὁ κ. Ἐρίμ, θὰ ἀποβῆ εἰς ὄφελος τῆς Τουρκίας ὁ ταξίδι.

ΜΑΡΟΚΙΝΟΙ ΣΠΟΥΔΑΣΤΑΙ ΕΙΣ ΤΗΝ ΔΑΜΑΣΚΟΝ ΚΑΤΕΛΑΒΟΝ ΤΗΝ ΠΡΕΣΒΕΙΑΝ ΔΙΑΜΑΡΤΥΡΟΜΕΝΟΙ ΕΝΑΝΤΙΟΝ ΤΟΥ ΒΑΣΙΛΕΩΣ

ΜΑΡΡΑΚΕΣ, Μαρόκον, 25. (Ἰδιαιτ. ὑπηρ.).— Μία ὁμὰς Μαροκινῶν φοιτητῶν κατέλαβε τὸ κτίριον τῆς πρεσβείας τοῦ Μαρόκου εἰς τὴν Δαμασκόν, διαμαρτυρόμενοι ἐναντίον τοῦ βασιλέως Χασσὰν καὶ τῆς καταδίκης πολιτικῶν κρατουμένων.

ΜΑΡΡΑΚΕΣ, Μαρόκον, 25. (Ἰδιαιτ. ὑπηρ.).— Μία ὁμὰς Μαροκινῶν φοιτητῶν κατέλαβε τὸ κτίριον τῆς πρεσβείας τοῦ Μαρόκου εἰς τὴν Δαμασκόν, διαμαρτυρόμενοι ἐναντίον τοῦ βασιλέως Χασσὰν καὶ τῆς καταδίκης πολιτικῶν κρατουμένων.

ΜΑΡΡΑΚΕΣ, Μαρόκον, 25. (Ἰδιαιτ. ὑπηρ.).— Μία ὁμὰς Μαροκινῶν φοιτητῶν κατέλαβε τὸ κτίριον τῆς πρεσβείας τοῦ Μαρόκου εἰς τὴν Δαμασκόν, διαμαρτυρόμενοι ἐναντίον τοῦ βασιλέως Χασσὰν καὶ τῆς καταδίκης πολιτικῶν κρατουμένων.

ΜΑΡΡΑΚΕΣ, Μαρόκον, 25. (Ἰδιαιτ. ὑπηρ.).— Μία ὁμὰς Μαροκινῶν φοιτητῶν κατέλαβε τὸ κτίριον τῆς πρεσβείας τοῦ Μαρόκου εἰς τὴν Δαμασκόν, διαμαρτυρόμενοι ἐναντίον τοῦ βασιλέως Χασσὰν καὶ τῆς καταδίκης πολιτικῶν κρατουμένων.

ΤΡΕΙΣ ΣΟΒΙΕΤΙΚΟΙ ΜΗΧΑΝΟΛΟΓΟΙ ΤΟΥ ΔΙΑΣΤΗΜΑΤΟΣ ΘΑ ΕΠΙΣΚΕΦΘΟΥΝ ΤΟ ΔΙΑΣΤΗΜΙΚΟΝ ΚΕΝΤΡΟΝ ΧΙΟΥΣΤΟΝ

ΧΙΟΥΣΤΟΝ, 25. (Ρώυτερ).— Τρεῖς Σοβιετικοὶ μηχανικοὶ θὰ ἐπισκεφθοῦν τὸ διαστημικὸν κέντρον τῆς ΝΑΣΑ διὰ τὴν προετοιμασίαν κοινῆς διαστημικῆς πτήσεως.

ΧΙΟΥΣΤΟΝ, 25. (Ρώυτερ).— Τρεῖς Σοβιετικοὶ μηχανικοὶ θὰ ἐπισκεφθοῦν τὸ διαστημικὸν κέντρον τῆς ΝΑΣΑ διὰ τὴν προετοιμασίαν κοινῆς διαστημικῆς πτήσεως.

ΧΙΟΥΣΤΟΝ, 25. (Ρώυτερ).— Τρεῖς Σοβιετικοὶ μηχανικοὶ θὰ ἐπισκεφθοῦν τὸ διαστημικὸν κέντρον τῆς ΝΑΣΑ διὰ τὴν προετοιμασίαν κοινῆς διαστημικῆς πτήσεως.

ΟΜΑΔΕΣ ΑΝΤΙΚΑΣΤΡΙΚΩΝ ΕΙΣ ΤΗΝ ΝΕΑΝ ΥΟΡΚΗΝ ΕΜΑΤΑΙΩΣΑΝ ΤΗΝ ΠΡΟΒΟΛΗΝ ΚΟΥΒΑΝΙΚΟΥ ΦΙΛΜ

ΝΕΑ ΥΟΡΚΗ, 25. (Ἠνωμ. Τύποι).— Ἡ πρώτη προβολὴ κουβανικῶν ταινιῶν εἰς τὴν Νέαν Ὑόρκην ἐματαιώθη λόγῳ ἐπεισοδίων ὑπὸ ἀντικαστρικῶν ὁμάδων.

ΝΕΑ ΥΟΡΚΗ, 25. (Ἠνωμ. Τύποι).— Ἡ πρώτη προβολὴ κουβανικῶν ταινιῶν εἰς τὴν Νέαν Ὑόρκην ἐματαιώθη λόγῳ ἐπεισοδίων ὑπὸ ἀντικαστρικῶν ὁμάδων.

ΝΕΑ ΥΟΡΚΗ, 25. (Ἠνωμ. Τύποι).— Ἡ πρώτη προβολὴ κουβανικῶν ταινιῶν εἰς τὴν Νέαν Ὑόρκην ἐματαιώθη λόγῳ ἐπεισοδίων ὑπὸ ἀντικαστρικῶν ὁμάδων.

ΠΙΣΤΩΣΕΙΣ ΥΨΟΥΣ 12.000.000.000 ΜΑΡΚΩΝ ΔΙΕΤΕΘΗΣΑΝ ΔΙ' ΕΝΙΣΧΥΣΙΝ ΠΡΟΓΡΑΜΜΑΤΩΝ ΥΠΑΝΑΠΤΥΚΤΩΝ ΧΩΡΩΝ

ΒΟΝΝΗ, 25. (Ἠνωμ. Τύποι).— Ἡ Δυτικὴ Γερμανία διέθεσε πιστώσεις ὕψους 12.000.000.000 μάρκων διὰ τὴν ἐνίσχυσιν τῶν προγραμμάτων τῶν ὑπαναπτύκτων χωρῶν κατὰ τὴν περίοδον 1971—1980.

ΒΟΝΝΗ, 25. (Ἠνωμ. Τύποι).— Ἡ Δυτικὴ Γερμανία διέθεσε πιστώσεις ὕψους 12.000.000.000 μάρκων διὰ τὴν ἐνίσχυσιν τῶν προγραμμάτων τῶν ὑπαναπτύκτων χωρῶν κατὰ τὴν περίοδον 1971—1980.

ΒΟΝΝΗ, 25. (Ἠνωμ. Τύποι).— Ἡ Δυτικὴ Γερμανία διέθεσε πιστώσεις ὕψους 12.000.000.000 μάρκων διὰ τὴν ἐνίσχυσιν τῶν προγραμμάτων τῶν ὑπαναπτύκτων χωρῶν κατὰ τὴν περίοδον 1971—1980.

ΒΟΝΝΗ, 25. (Ἠνωμ. Τύποι).— Ἡ Δυτικὴ Γερμανία διέθεσε πιστώσεις ὕψους 12.000.000.000 μάρκων διὰ τὴν ἐνίσχυσιν τῶν προγραμμάτων τῶν ὑπαναπτύκτων χωρῶν κατὰ τὴν περίοδον 1971—1980.

ΒΟΝΝΗ, 25. (Ἠνωμ. Τύποι).— Ἡ Δυτικὴ Γερμανία διέθεσε πιστώσεις ὕψους 12.000.000.000 μάρκων διὰ τὴν ἐνίσχυσιν τῶν προγραμμάτων τῶν ὑπαναπτύκτων χωρῶν κατὰ τὴν περίοδον 1971—1980.

Χωρὶς προκαταβολὴ ΠΟΥΛΑΜΕ
Διαμερίσματα καὶ καταστήματα λουξ κατασκευῆς μὲ καλοριφέρ.
«Ἕλληνες τοῦ ἐξωτερικοῦ τοποθετεῖστε κι' ἐσεῖς τὸ περίσσευμα σας στὴν πατρίδα. Τώρα ἀγοράζετε χωρὶς νὰ πληρώνετε φόρο».
Ἐξόφλησις σὲ 60 μηνιαῖες ἀτόκες δόσεις.
Συμβόλαια ἀμέσως.
Οἰκοδομικαὶ καὶ κτηματικαὶ ἐπιχειρήσεις
ΚΑΛΑΜΑΡΑΣ-ΠΑΓΚΑΛΟΣ
Ἐγνατία 35, Α' ὄροφος γραφεῖον 9
Τηλ. 525-383, 525-782
